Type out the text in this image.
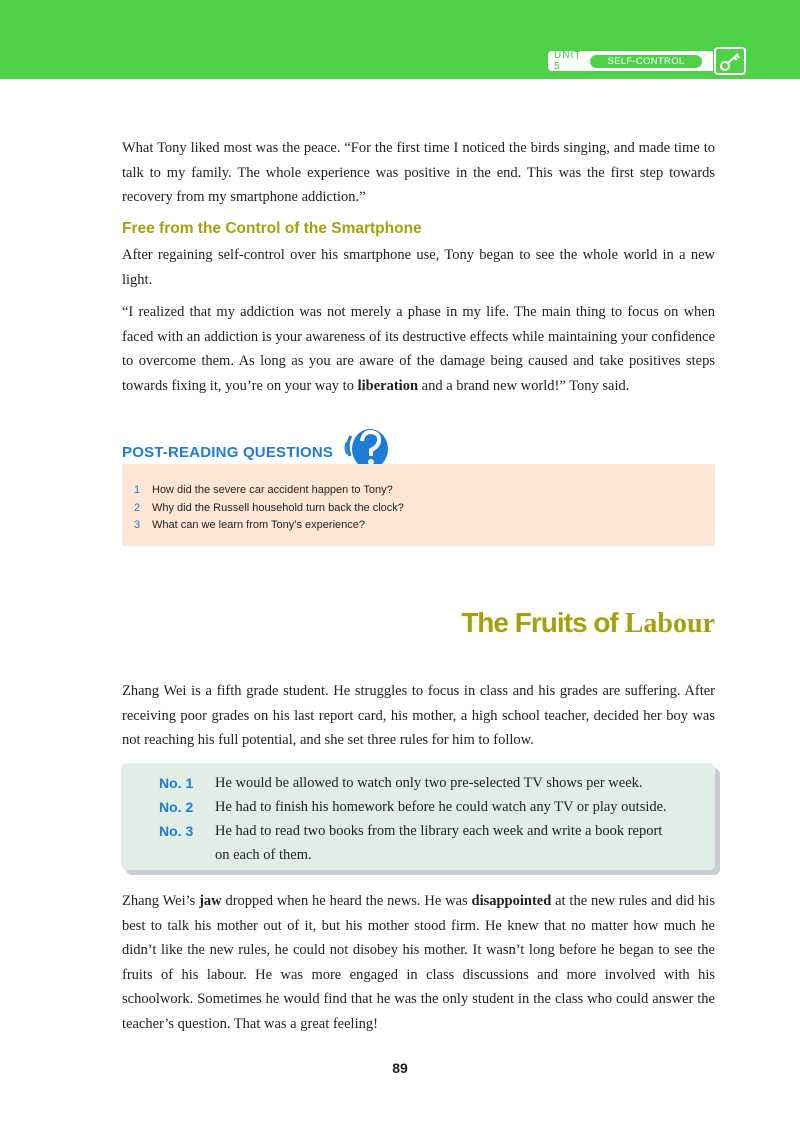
UNIT 5	SELF-CONTROL

What Tony liked most was the peace. “For the first time I noticed the birds singing, and made time to talk to my family. The whole experience was positive in the end. This was the first step towards recovery from my smartphone addiction.”

Free from the Control of the Smartphone

After regaining self-control over his smartphone use, Tony began to see the whole world in a new light.

“I realized that my addiction was not merely a phase in my life. The main thing to focus on when faced with an addiction is your awareness of its destructive effects while maintaining your confidence to overcome them. As long as you are aware of the damage being caused and take positives steps towards fixing it, you’re on your way to liberation and a brand new world!” Tony said.

POST-READING QUESTIONS
1 How did the severe car accident happen to Tony?
2 Why did the Russell household turn back the clock?
3 What can we learn from Tony’s experience?
The Fruits of Labour

Zhang Wei is a fifth grade student. He struggles to focus in class and his grades are suffering. After receiving poor grades on his last report card, his mother, a high school teacher, decided her boy was not reaching his full potential, and she set three rules for him to follow.

No. 1	He would be allowed to watch only two pre-selected TV shows per week.
No. 2	He had to finish his homework before he could watch any TV or play outside.
No. 3	He had to read two books from the library each week and write a book report on each of them.

Zhang Wei’s jaw dropped when he heard the news. He was disappointed at the new rules and did his best to talk his mother out of it, but his mother stood firm. He knew that no matter how much he didn’t like the new rules, he could not disobey his mother. It wasn’t long before he began to see the fruits of his labour. He was more engaged in class discussions and more involved with his schoolwork. Sometimes he would find that he was the only student in the class who could answer the teacher’s question. That was a great feeling!

89
